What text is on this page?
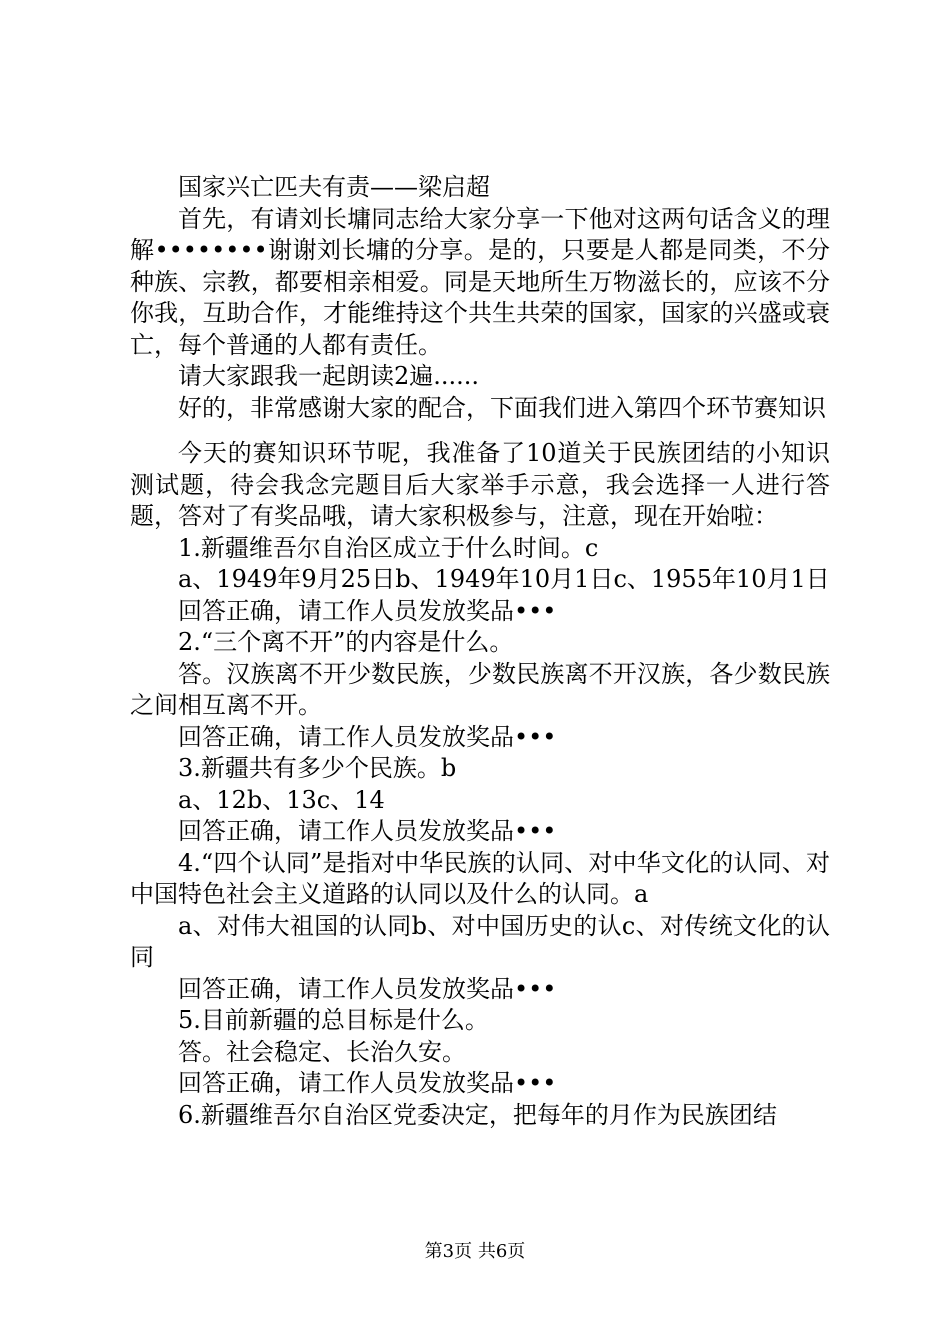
国家兴亡匹夫有责——梁启超

首先，有请刘长墉同志给大家分享一下他对这两句话含义的理解••••••••谢谢刘长墉的分享。是的，只要是人都是同类，不分种族、宗教，都要相亲相爱。同是天地所生万物滋长的，应该不分你我，互助合作，才能维持这个共生共荣的国家，国家的兴盛或衰亡，每个普通的人都有责任。

请大家跟我一起朗读2遍......

好的，非常感谢大家的配合，下面我们进入第四个环节赛知识

今天的赛知识环节呢，我准备了10道关于民族团结的小知识测试题，待会我念完题目后大家举手示意，我会选择一人进行答题，答对了有奖品哦，请大家积极参与，注意，现在开始啦：

1.新疆维吾尔自治区成立于什么时间。c

a、1949年9月25日b、1949年10月1日c、1955年10月1日

回答正确，请工作人员发放奖品•••

2.“三个离不开”的内容是什么。

答。汉族离不开少数民族，少数民族离不开汉族，各少数民族之间相互离不开。

回答正确，请工作人员发放奖品•••

3.新疆共有多少个民族。b

a、12b、13c、14

回答正确，请工作人员发放奖品•••

4.“四个认同”是指对中华民族的认同、对中华文化的认同、对中国特色社会主义道路的认同以及什么的认同。a

a、对伟大祖国的认同b、对中国历史的认c、对传统文化的认同

回答正确，请工作人员发放奖品•••

5.目前新疆的总目标是什么。

答。社会稳定、长治久安。

回答正确，请工作人员发放奖品•••

6.新疆维吾尔自治区党委决定，把每年的月作为民族团结

第3页 共6页
